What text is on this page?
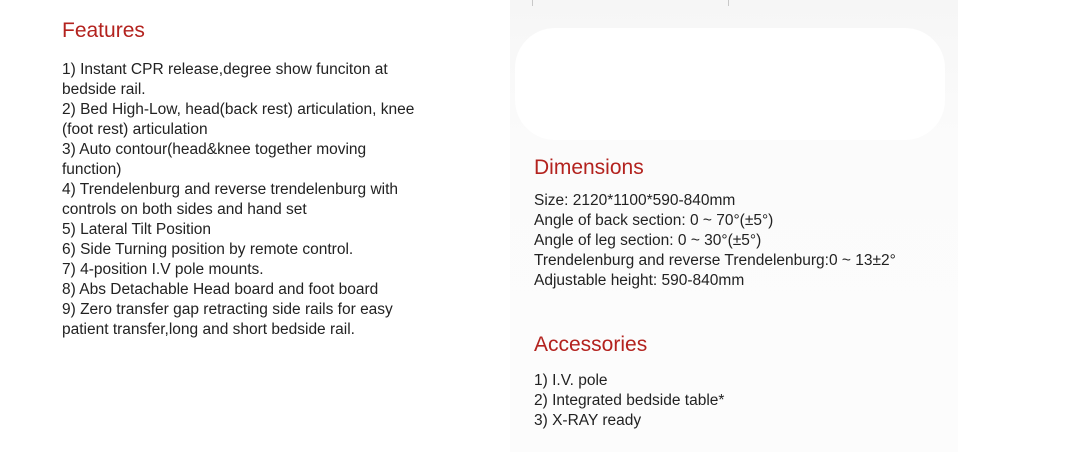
Features
1) Instant CPR release,degree show funciton at
bedside rail.
2) Bed High-Low, head(back rest) articulation, knee
(foot rest) articulation
3) Auto contour(head&knee together moving
function)
4) Trendelenburg and reverse trendelenburg with
controls on both sides and hand set
5) Lateral Tilt Position
6) Side Turning position by remote control.
7) 4-position I.V pole mounts.
8) Abs Detachable Head board and foot board
9) Zero transfer gap retracting side rails for easy
patient transfer,long and short bedside rail.
Dimensions
Size: 2120*1100*590-840mm
Angle of back section: 0 ~ 70°(±5°)
Angle of leg section: 0 ~ 30°(±5°)
Trendelenburg and reverse Trendelenburg:0 ~ 13±2°
Adjustable height: 590-840mm
Accessories
1) I.V. pole
2) Integrated bedside table*
3) X-RAY ready
